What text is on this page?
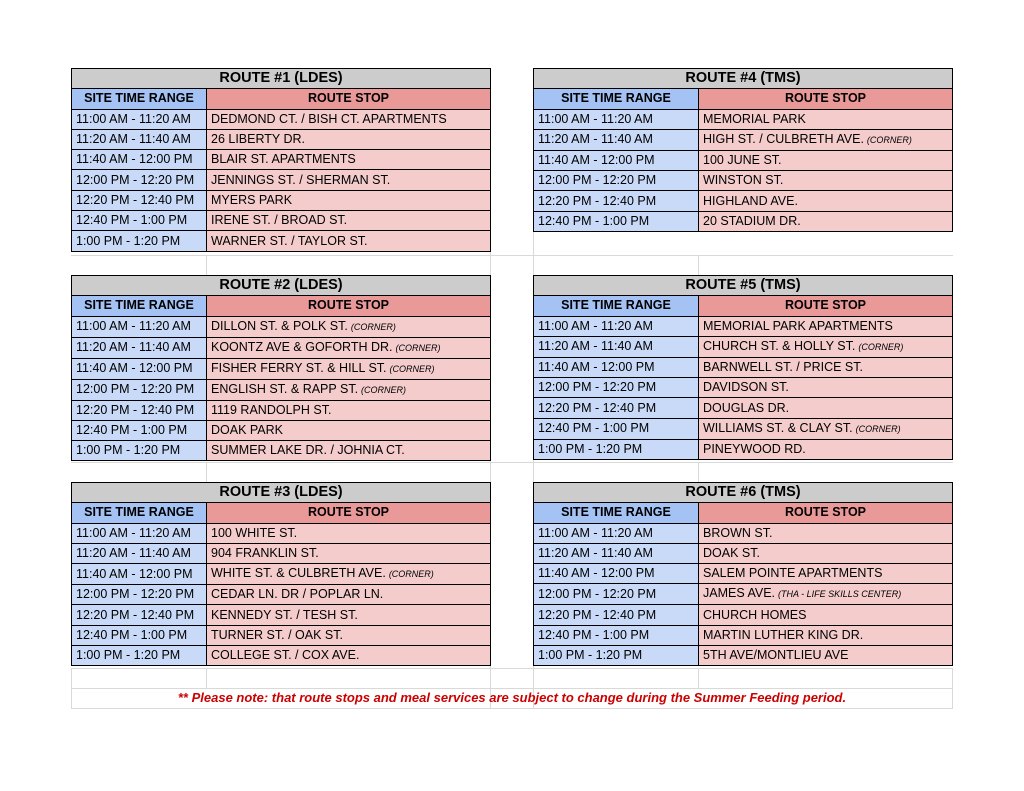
ROUTE #1 (LDES)	
SITE TIME RANGE	ROUTE STOP
11:00 AM - 11:20 AM	DEDMOND CT. / BISH CT. APARTMENTS
11:20 AM - 11:40 AM	26 LIBERTY DR.
11:40 AM - 12:00 PM	BLAIR ST. APARTMENTS
12:00 PM - 12:20 PM	JENNINGS ST. / SHERMAN ST.
12:20 PM - 12:40 PM	MYERS PARK
12:40 PM - 1:00 PM	IRENE ST. / BROAD ST.
1:00 PM - 1:20 PM	WARNER ST. / TAYLOR ST.
ROUTE #4 (TMS)	
SITE TIME RANGE	ROUTE STOP
11:00 AM - 11:20 AM	MEMORIAL PARK
11:20 AM - 11:40 AM	HIGH ST. / CULBRETH AVE. (CORNER)
11:40 AM - 12:00 PM	100 JUNE ST.
12:00 PM - 12:20 PM	WINSTON ST.
12:20 PM - 12:40 PM	HIGHLAND AVE.
12:40 PM - 1:00 PM	20 STADIUM DR.
ROUTE #2 (LDES)	
SITE TIME RANGE	ROUTE STOP
11:00 AM - 11:20 AM	DILLON ST. & POLK ST. (CORNER)
11:20 AM - 11:40 AM	KOONTZ AVE & GOFORTH DR. (CORNER)
11:40 AM - 12:00 PM	FISHER FERRY ST. & HILL ST. (CORNER)
12:00 PM - 12:20 PM	ENGLISH ST. & RAPP ST. (CORNER)
12:20 PM - 12:40 PM	1119 RANDOLPH ST.
12:40 PM - 1:00 PM	DOAK PARK
1:00 PM - 1:20 PM	SUMMER LAKE DR. / JOHNIA CT.
ROUTE #5 (TMS)	
SITE TIME RANGE	ROUTE STOP
11:00 AM - 11:20 AM	MEMORIAL PARK APARTMENTS
11:20 AM - 11:40 AM	CHURCH ST. & HOLLY ST. (CORNER)
11:40 AM - 12:00 PM	BARNWELL ST. / PRICE ST.
12:00 PM - 12:20 PM	DAVIDSON ST.
12:20 PM - 12:40 PM	DOUGLAS DR.
12:40 PM - 1:00 PM	WILLIAMS ST. & CLAY ST. (CORNER)
1:00 PM - 1:20 PM	PINEYWOOD RD.
ROUTE #3 (LDES)	
SITE TIME RANGE	ROUTE STOP
11:00 AM - 11:20 AM	100 WHITE ST.
11:20 AM - 11:40 AM	904 FRANKLIN ST.
11:40 AM - 12:00 PM	WHITE ST. & CULBRETH AVE. (CORNER)
12:00 PM - 12:20 PM	CEDAR LN. DR / POPLAR LN.
12:20 PM - 12:40 PM	KENNEDY ST. / TESH ST.
12:40 PM - 1:00 PM	TURNER ST. / OAK ST.
1:00 PM - 1:20 PM	COLLEGE ST. / COX AVE.
ROUTE #6 (TMS)	
SITE TIME RANGE	ROUTE STOP
11:00 AM - 11:20 AM	BROWN ST.
11:20 AM - 11:40 AM	DOAK ST.
11:40 AM - 12:00 PM	SALEM POINTE APARTMENTS
12:00 PM - 12:20 PM	JAMES AVE. (THA - LIFE SKILLS CENTER)
12:20 PM - 12:40 PM	CHURCH HOMES
12:40 PM - 1:00 PM	MARTIN LUTHER KING DR.
1:00 PM - 1:20 PM	5TH AVE/MONTLIEU AVE
** Please note: that route stops and meal services are subject to change during the Summer Feeding period.
